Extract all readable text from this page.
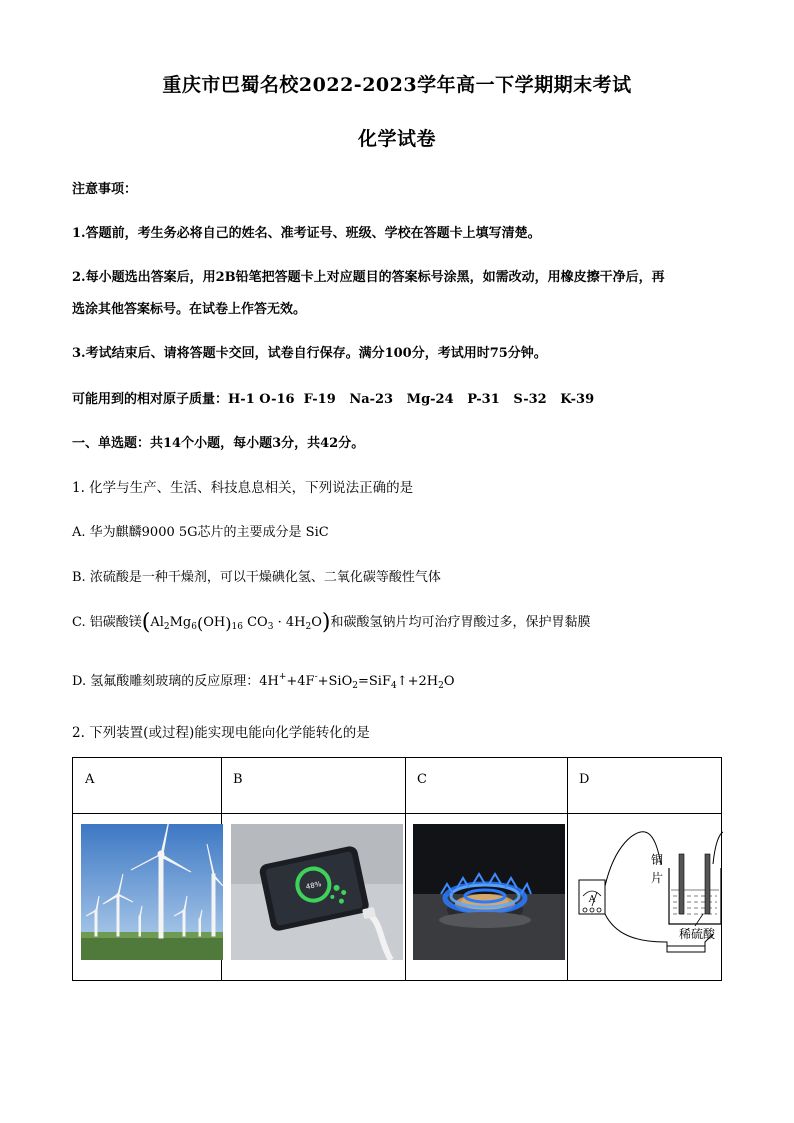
重庆市巴蜀名校2022-2023学年高一下学期期末考试
化学试卷
注意事项：
1.答题前，考生务必将自己的姓名、准考证号、班级、学校在答题卡上填写清楚。
2.每小题选出答案后，用2B铅笔把答题卡上对应题目的答案标号涂黑，如需改动，用橡皮擦干净后，再
选涂其他答案标号。在试卷上作答无效。
3.考试结束后、请将答题卡交回，试卷自行保存。满分100分，考试用时75分钟。
可能用到的相对原子质量：H-1 O-16  F-19   Na-23   Mg-24   P-31   S-32   K-39
一、单选题：共14个小题，每小题3分，共42分。
1. 化学与生产、生活、科技息息相关，下列说法正确的是
A. 华为麒麟9000 5G芯片的主要成分是 SiC
B. 浓硫酸是一种干燥剂，可以干燥碘化氢、二氧化碳等酸性气体
C. 铝碳酸镁($Al_2Mg_6(OH)_{16}$ $CO_3 \cdot 4H_2O$)和碳酸氢钠片均可治疗胃酸过多，保护胃黏膜
D. 氢氟酸雕刻玻璃的反应原理：$4H^++4F^-+SiO_2=SiF_4↑+2H_2O$
2. 下列装置(或过程)能实现电能向化学能转化的是
A	B	C	D
48%
A
铜
片
稀硫酸
